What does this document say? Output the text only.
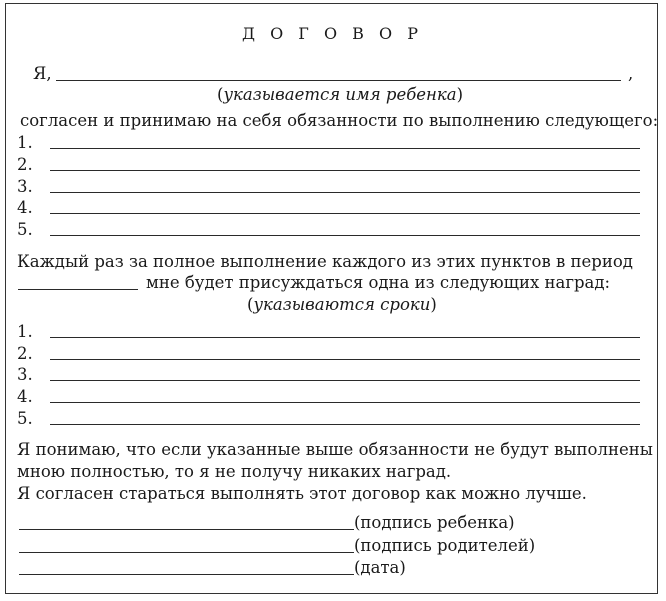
Д О Г О В О Р
Я,	,
(указывается имя ребенка)
согласен и принимаю на себя обязанности по выполнению следующего:
1.
2.
3.
4.
5.
Каждый раз за полное выполнение каждого из этих пунктов в период
мне будет присуждаться одна из следующих наград:
(указываются сроки)
1.
2.
3.
4.
5.
Я понимаю, что если указанные выше обязанности не будут выполнены
мною полностью, то я не получу никаких наград.
Я согласен стараться выполнять этот договор как можно лучше.
(подпись ребенка)
(подпись родителей)
(дата)
